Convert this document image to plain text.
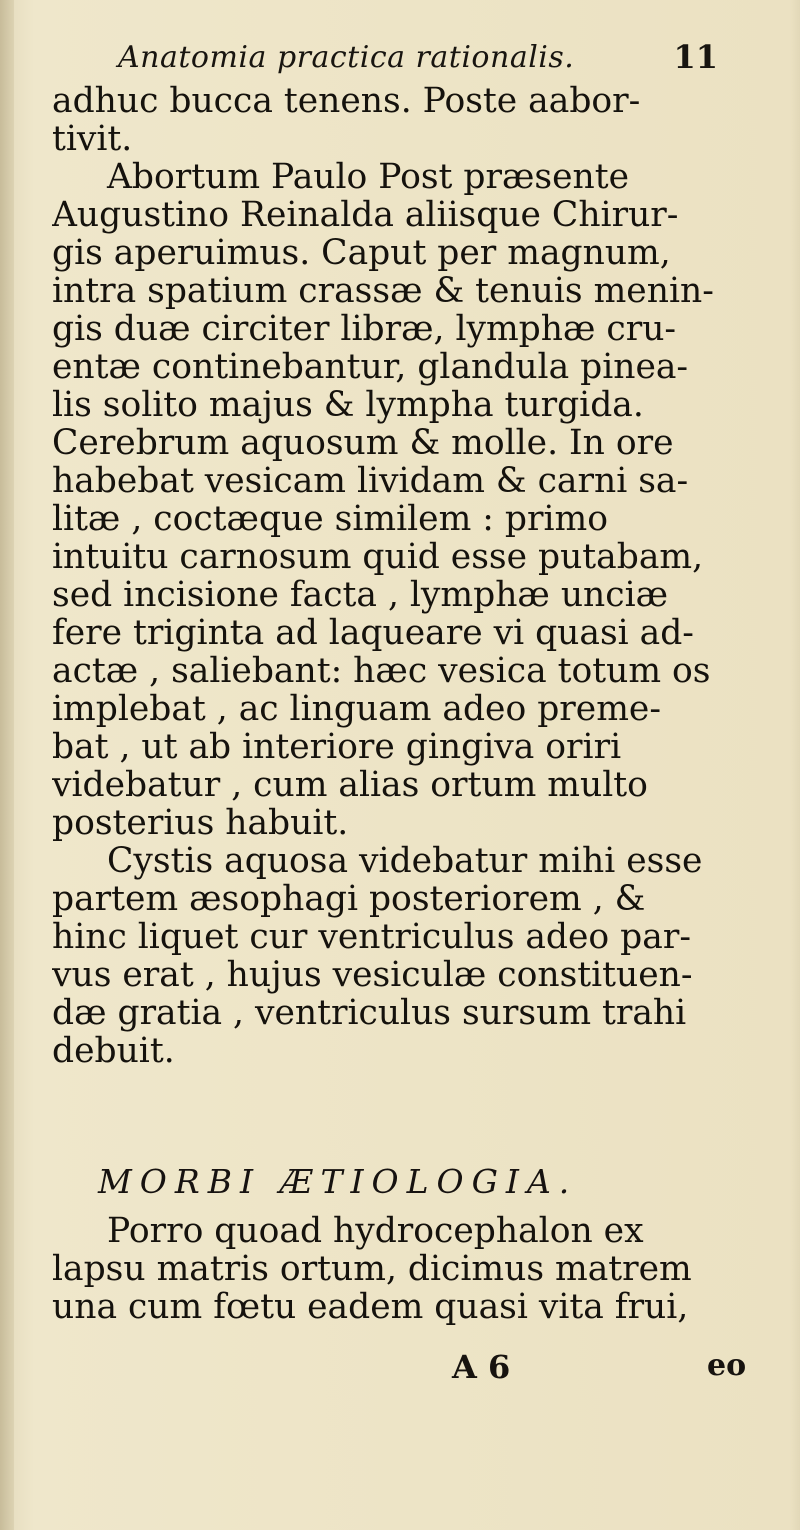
Anatomia practica rationalis.	11
adhuc bucca tenens. Poste aabor-
tivit.
Abortum Paulo Post præsente
Augustino Reinalda aliisque Chirur-
gis aperuimus. Caput per magnum,
intra spatium crassæ & tenuis menin-
gis duæ circiter libræ, lymphæ cru-
entæ continebantur, glandula pinea-
lis solito majus & lympha turgida.
Cerebrum aquosum & molle. In ore
habebat vesicam lividam & carni sa-
litæ , coctæque similem : primo
intuitu carnosum quid esse putabam,
sed incisione facta , lymphæ unciæ
fere triginta ad laqueare vi quasi ad-
actæ , saliebant: hæc vesica totum os
implebat , ac linguam adeo preme-
bat , ut ab interiore gingiva oriri
videbatur , cum alias ortum multo
posterius habuit.
Cystis aquosa videbatur mihi esse
partem æsophagi posteriorem , &
hinc liquet cur ventriculus adeo par-
vus erat , hujus vesiculæ constituen-
dæ gratia , ventriculus sursum trahi
debuit.
MORBI ÆTIOLOGIA.
Porro quoad hydrocephalon ex
lapsu matris ortum, dicimus matrem
una cum fœtu eadem quasi vita frui,
A 6	eo
